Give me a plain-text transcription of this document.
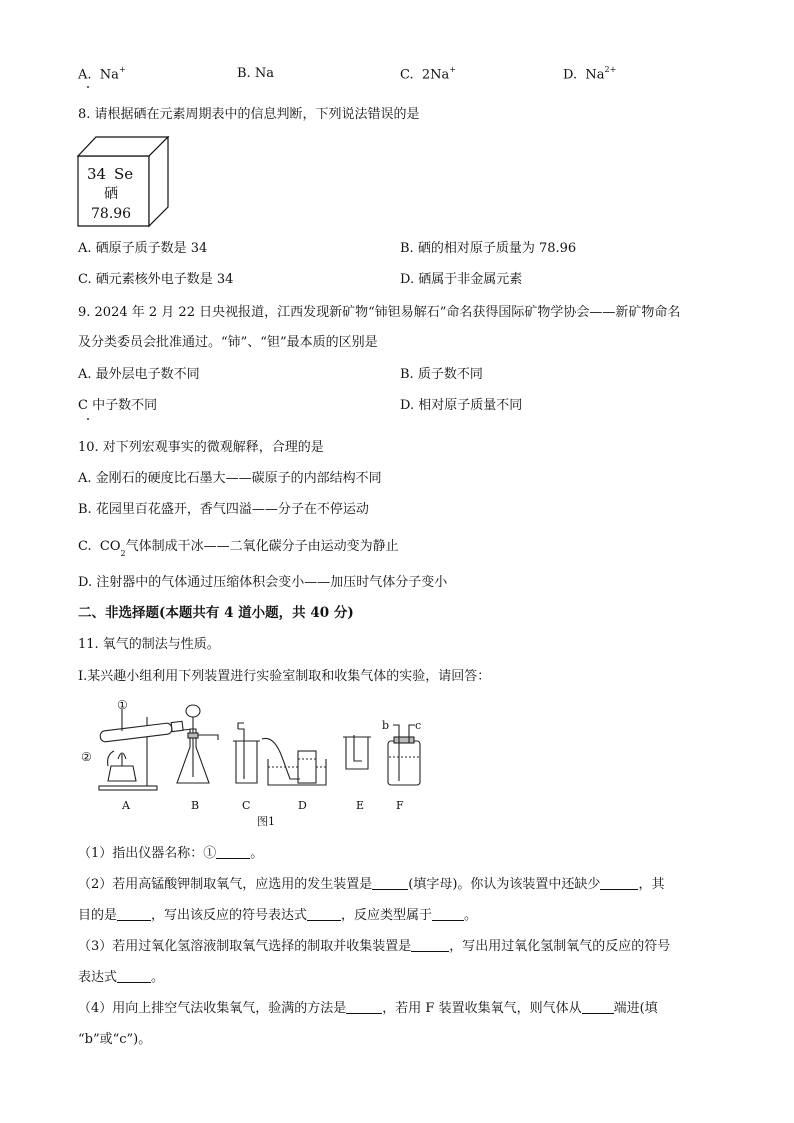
A. Na+	B. Na	C. 2Na+	D. $Na^{2+}$
8. 请根据硒在元素周期表中的信息判断，下列说法错误的是
34 Se
硒
78.96
A. 硒原子质子数是 34	B. 硒的相对原子质量为 78.96
C. 硒元素核外电子数是 34	D. 硒属于非金属元素
9. 2024 年 2 月 22 日央视报道，江西发现新矿物“铈钽易解石”命名获得国际矿物学协会——新矿物命名
及分类委员会批准通过。“铈”、“钽”最本质的区别是
A. 最外层电子数不同	B. 质子数不同
C 中子数不同	D. 相对原子质量不同
10. 对下列宏观事实的微观解释，合理的是
A. 金刚石的硬度比石墨大——碳原子的内部结构不同
B. 花园里百花盛开，香气四溢——分子在不停运动
C. $CO_2$气体制成干冰——二氧化碳分子由运动变为静止
D. 注射器中的气体通过压缩体积会变小——加压时气体分子变小
二、非选择题(本题共有 4 道小题，共 40 分)
11. 氧气的制法与性质。
I.某兴趣小组利用下列装置进行实验室制取和收集气体的实验，请回答：
①
②
b c
A	B	C	D	E	F
图1
（1）指出仪器名称：①	。
（2）若用高锰酸钾制取氧气，应选用的发生装置是	(填字母)。你认为该装置中还缺少	，其
目的是	，写出该反应的符号表达式	，反应类型属于 。
（3）若用过氧化氢溶液制取氧气选择的制取并收集装置是	，写出用过氧化氢制氧气的反应的符号
表达式	。
（4）用向上排空气法收集氧气，验满的方法是	，若用 F 装置收集氧气，则气体从 端进(填
“b”或“c”)。
